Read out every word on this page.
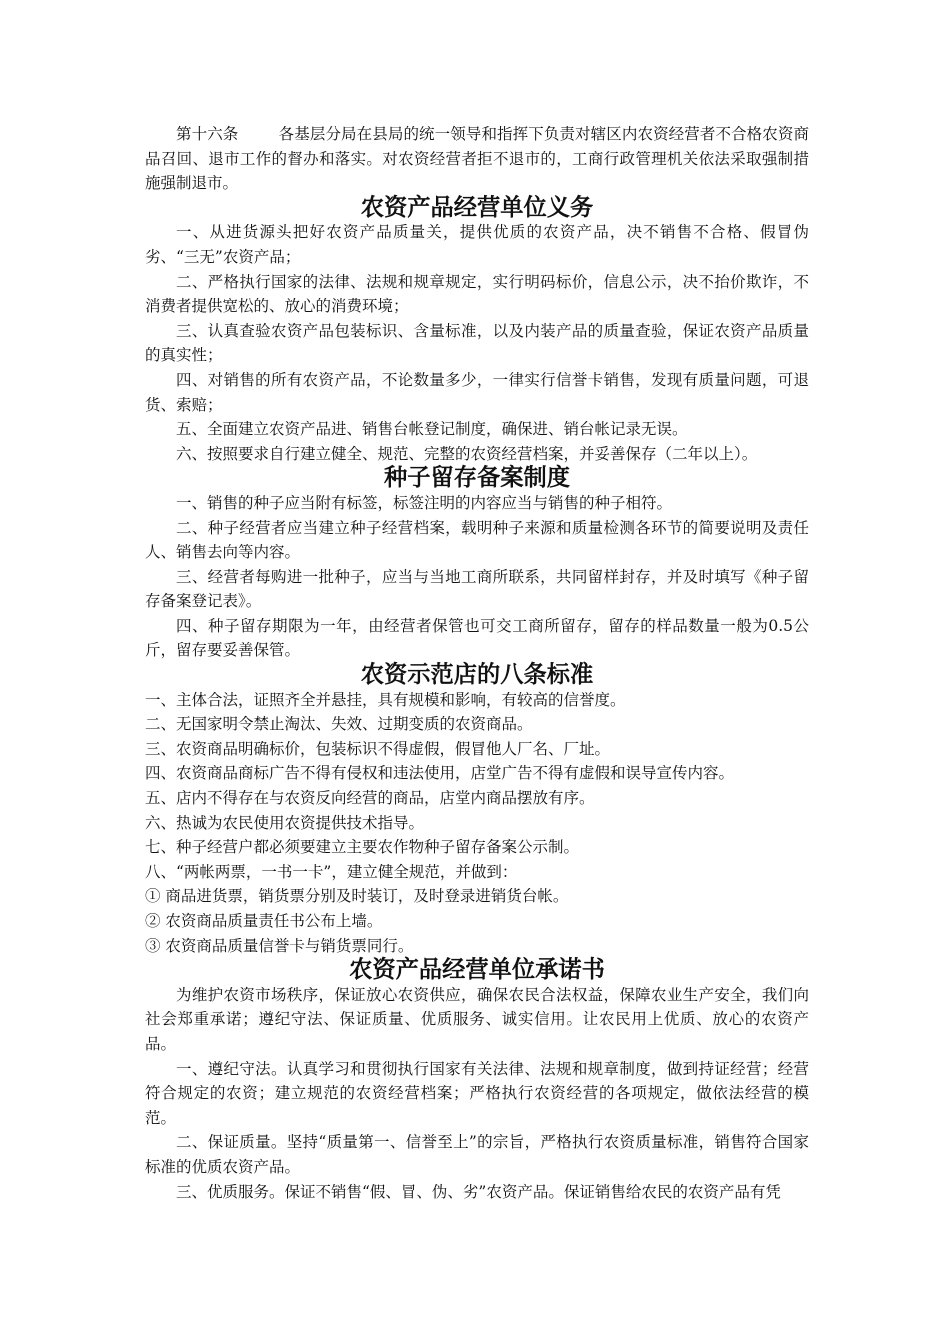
第十六条	各基层分局在县局的统一领导和指挥下负责对辖区内农资经营者不合格农资商品召回、退市工作的督办和落实。对农资经营者拒不退市的，工商行政管理机关依法采取强制措施强制退市。

农资产品经营单位义务

一、从进货源头把好农资产品质量关，提供优质的农资产品，决不销售不合格、假冒伪劣、“三无”农资产品；

二、严格执行国家的法律、法规和规章规定，实行明码标价，信息公示，决不抬价欺诈，不消费者提供宽松的、放心的消费环境；

三、认真查验农资产品包装标识、含量标准，以及内装产品的质量查验，保证农资产品质量的真实性；

四、对销售的所有农资产品，不论数量多少，一律实行信誉卡销售，发现有质量问题，可退货、索赔；

五、全面建立农资产品进、销售台帐登记制度，确保进、销台帐记录无误。

六、按照要求自行建立健全、规范、完整的农资经营档案，并妥善保存（二年以上）。

种子留存备案制度

一、销售的种子应当附有标签，标签注明的内容应当与销售的种子相符。

二、种子经营者应当建立种子经营档案，载明种子来源和质量检测各环节的简要说明及责任人、销售去向等内容。

三、经营者每购进一批种子，应当与当地工商所联系，共同留样封存，并及时填写《种子留存备案登记表》。

四、种子留存期限为一年，由经营者保管也可交工商所留存，留存的样品数量一般为0.5公斤，留存要妥善保管。

农资示范店的八条标准

一、主体合法，证照齐全并悬挂，具有规模和影响，有较高的信誉度。

二、无国家明令禁止淘汰、失效、过期变质的农资商品。

三、农资商品明确标价，包装标识不得虚假，假冒他人厂名、厂址。

四、农资商品商标广告不得有侵权和违法使用，店堂广告不得有虚假和误导宣传内容。

五、店内不得存在与农资反向经营的商品，店堂内商品摆放有序。

六、热诚为农民使用农资提供技术指导。

七、种子经营户都必须要建立主要农作物种子留存备案公示制。

八、“两帐两票，一书一卡”，建立健全规范，并做到：

① 商品进货票，销货票分别及时装订，及时登录进销货台帐。

② 农资商品质量责任书公布上墙。

③ 农资商品质量信誉卡与销货票同行。

农资产品经营单位承诺书

为维护农资市场秩序，保证放心农资供应，确保农民合法权益，保障农业生产安全，我们向社会郑重承诺；遵纪守法、保证质量、优质服务、诚实信用。让农民用上优质、放心的农资产品。

一、遵纪守法。认真学习和贯彻执行国家有关法律、法规和规章制度，做到持证经营；经营符合规定的农资；建立规范的农资经营档案；严格执行农资经营的各项规定，做依法经营的模范。

二、保证质量。坚持“质量第一、信誉至上”的宗旨，严格执行农资质量标准，销售符合国家标准的优质农资产品。

三、优质服务。保证不销售“假、冒、伪、劣”农资产品。保证销售给农民的农资产品有凭
